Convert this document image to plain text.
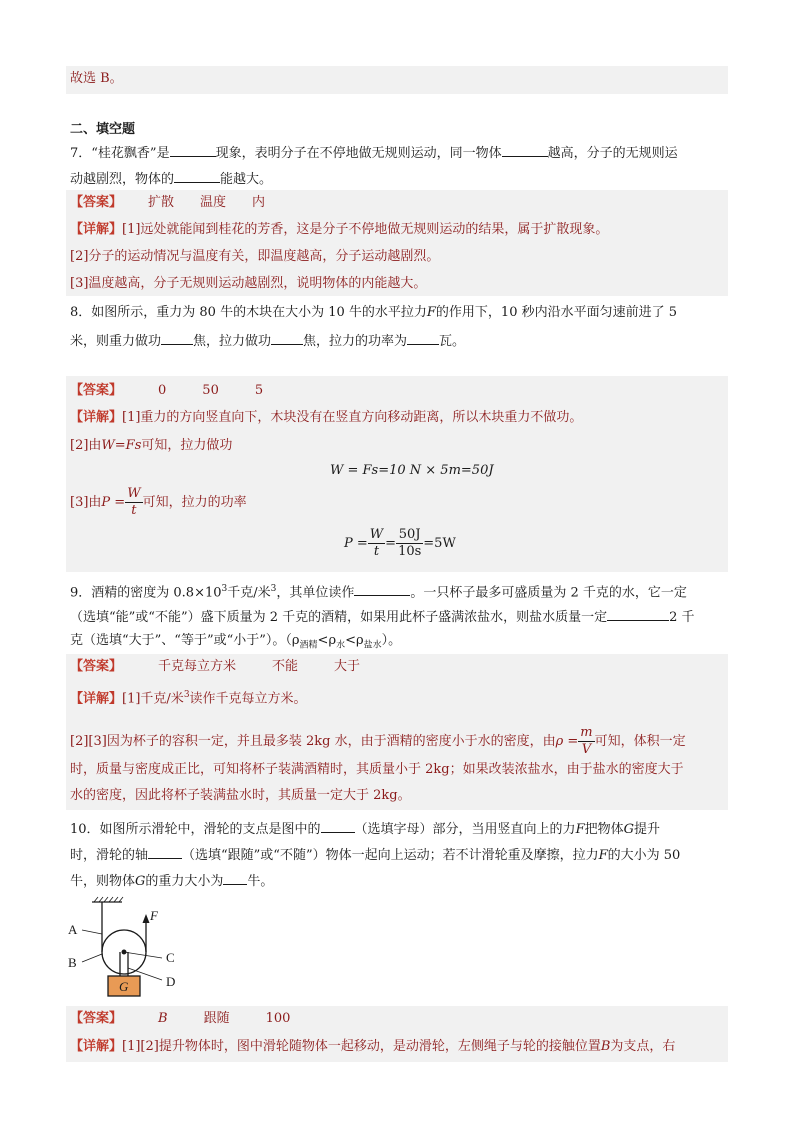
故选 B。
二、填空题
7．“桂花飘香”是	现象，表明分子在不停地做无规则运动，同一物体	越高，分子的无规则运
动越剧烈，物体的	能越大。
【答案】 扩散 温度 内
【详解】[1]远处就能闻到桂花的芳香，这是分子不停地做无规则运动的结果，属于扩散现象。
[2]分子的运动情况与温度有关，即温度越高，分子运动越剧烈。
[3]温度越高，分子无规则运动越剧烈，说明物体的内能越大。
8．如图所示，重力为 80 牛的木块在大小为 10 牛的水平拉力F的作用下，10 秒内沿水平面匀速前进了 5
米，则重力做功 焦，拉力做功 焦，拉力的功率为 瓦。
【答案】	0	50	5
【详解】[1]重力的方向竖直向下，木块没有在竖直方向移动距离，所以木块重力不做功。
[2]由W=Fs可知，拉力做功
W = Fs=10 N × 5m=50J
[3]由$P = \frac{W}{t}$ 可知，拉力的功率
$P = \frac{W}{t} = \frac{50J}{10s} =5W$
9．酒精的密度为 $0.8\times 10^3$千克/米$^3$，其单位读作	。一只杯子最多可盛质量为 2 千克的水，它一定
（选填“能”或“不能”）盛下质量为 2 千克的酒精，如果用此杯子盛满浓盐水，则盐水质量一定	2 千
克（选填“大于”、“等于”或“小于”）。$(\rho_{酒精}<\rho_水<\rho_{盐水})$。
【答案】	千克每立方米	不能	大于
【详解】[1]千克/米$^3$读作千克每立方米。
[2][3]因为杯子的容积一定，并且最多装 2kg 水，由于酒精的密度小于水的密度，由$\rho = \frac{m}{V}$ 可知，体积一定
时，质量与密度成正比，可知将杯子装满酒精时，其质量小于 2kg；如果改装浓盐水，由于盐水的密度大于
水的密度，因此将杯子装满盐水时，其质量一定大于 2kg。
10．如图所示滑轮中，滑轮的支点是图中的	（选填字母）部分，当用竖直向上的力F把物体G提升
时，滑轮的轴	（选填“跟随”或“不随”）物体一起向上运动；若不计滑轮重及摩擦，拉力F的大小为 50
牛，则物体G的重力大小为 牛。
A
B	C
D
F
G
【答案】	B	跟随	100
【详解】[1][2]提升物体时，图中滑轮随物体一起移动，是动滑轮，左侧绳子与轮的接触位置B为支点，右
